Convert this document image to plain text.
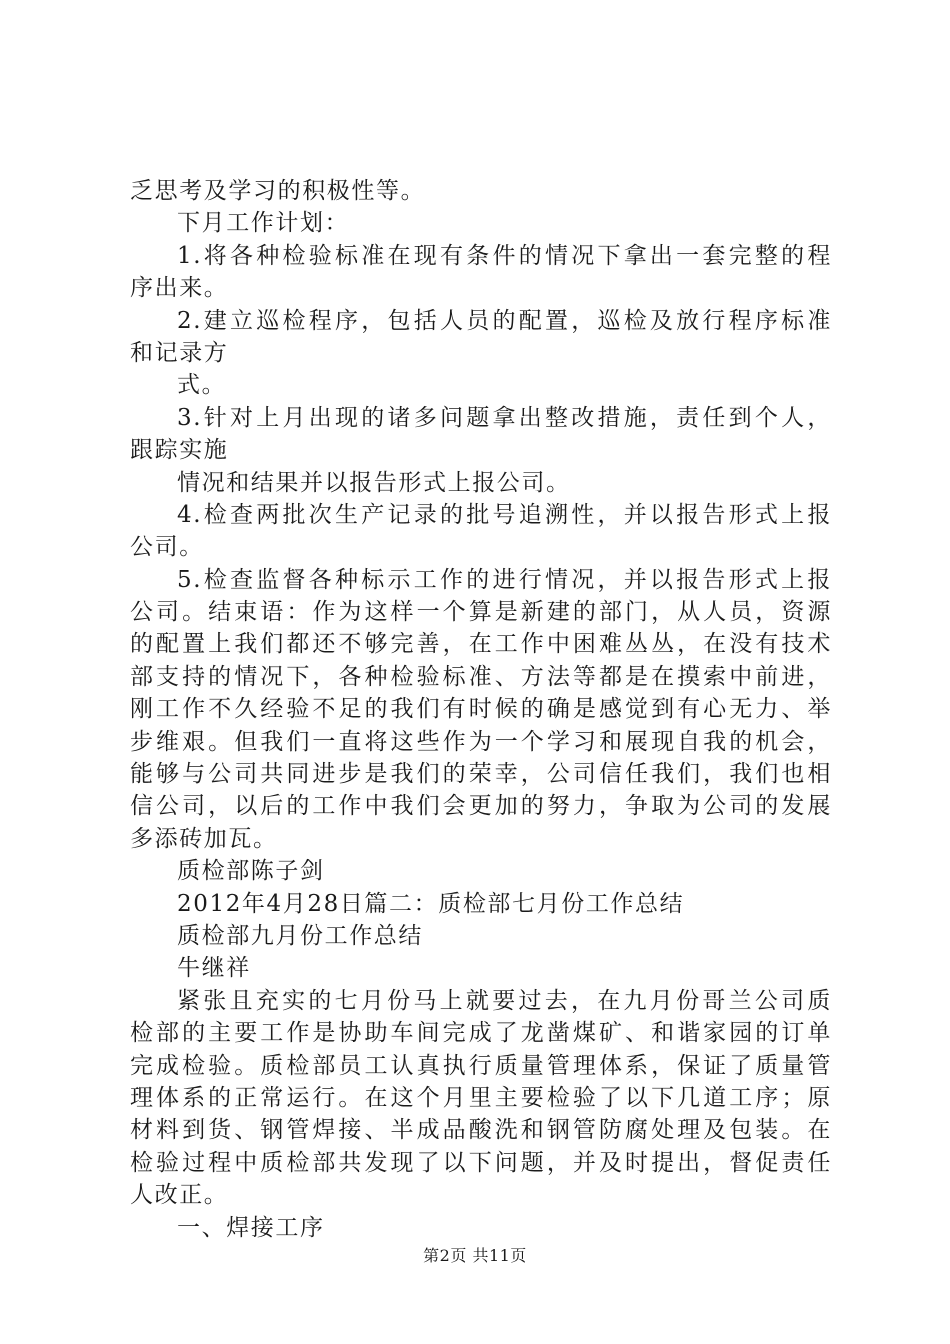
乏思考及学习的积极性等。
下月工作计划：
1.将各种检验标准在现有条件的情况下拿出一套完整的程
序出来。
2.建立巡检程序，包括人员的配置，巡检及放行程序标准
和记录方
式。
3.针对上月出现的诸多问题拿出整改措施，责任到个人，
跟踪实施
情况和结果并以报告形式上报公司。
4.检查两批次生产记录的批号追溯性，并以报告形式上报
公司。
5.检查监督各种标示工作的进行情况，并以报告形式上报
公司。结束语：作为这样一个算是新建的部门，从人员，资源
的配置上我们都还不够完善，在工作中困难丛丛，在没有技术
部支持的情况下，各种检验标准、方法等都是在摸索中前进，
刚工作不久经验不足的我们有时候的确是感觉到有心无力、举
步维艰。但我们一直将这些作为一个学习和展现自我的机会，
能够与公司共同进步是我们的荣幸，公司信任我们，我们也相
信公司，以后的工作中我们会更加的努力，争取为公司的发展
多添砖加瓦。
质检部陈子剑
2012年4月28日篇二：质检部七月份工作总结
质检部九月份工作总结
牛继祥
紧张且充实的七月份马上就要过去，在九月份哥兰公司质
检部的主要工作是协助车间完成了龙凿煤矿、和谐家园的订单
完成检验。质检部员工认真执行质量管理体系，保证了质量管
理体系的正常运行。在这个月里主要检验了以下几道工序；原
材料到货、钢管焊接、半成品酸洗和钢管防腐处理及包装。在
检验过程中质检部共发现了以下问题，并及时提出，督促责任
人改正。
一、焊接工序
第2页 共11页
